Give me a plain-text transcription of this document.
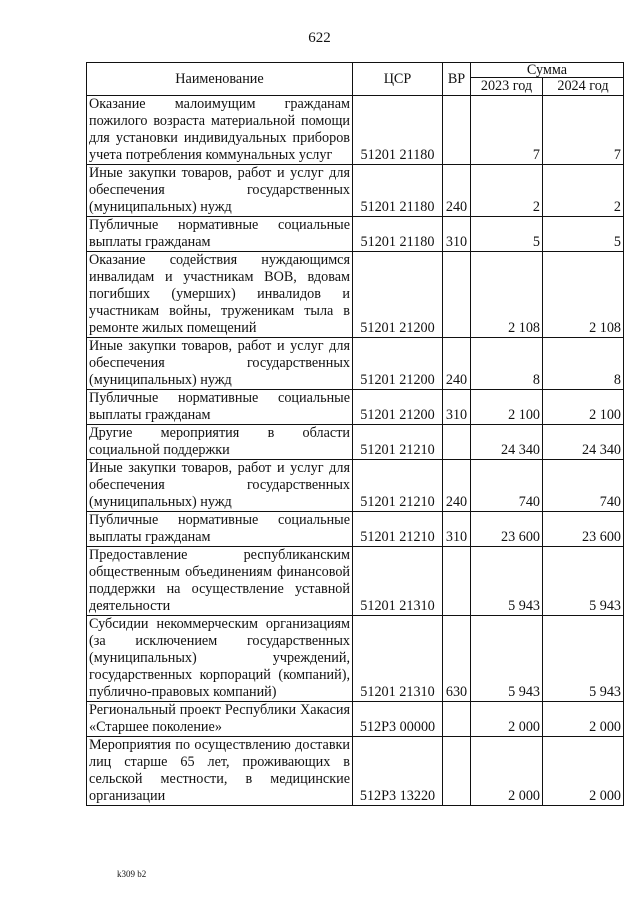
622
Наименование	ЦСР	ВР	Сумма	
			2023 год	2024 год
Оказание малоимущим гражданам пожилого возраста материальной помощи для установки индивидуальных приборов учета потребления коммунальных услуг	51201 21180		7	7
Иные закупки товаров, работ и услуг для обеспечения государственных (муниципальных) нужд	51201 21180	240	2	2
Публичные нормативные социальные выплаты гражданам	51201 21180	310	5	5
Оказание содействия нуждающимся инвалидам и участникам ВОВ, вдовам погибших (умерших) инвалидов и участникам войны, труженикам тыла в ремонте жилых помещений	51201 21200		2 108	2 108
Иные закупки товаров, работ и услуг для обеспечения государственных (муниципальных) нужд	51201 21200	240	8	8
Публичные нормативные социальные выплаты гражданам	51201 21200	310	2 100	2 100
Другие мероприятия в области социальной поддержки	51201 21210		24 340	24 340
Иные закупки товаров, работ и услуг для обеспечения государственных (муниципальных) нужд	51201 21210	240	740	740
Публичные нормативные социальные выплаты гражданам	51201 21210	310	23 600	23 600
Предоставление республиканским общественным объединениям финансовой поддержки на осуществление уставной деятельности	51201 21310		5 943	5 943
Субсидии некоммерческим организациям (за исключением государственных (муниципальных) учреждений, государственных корпораций (компаний), публично-правовых компаний)	51201 21310	630	5 943	5 943
Региональный проект Республики Хакасия «Старшее поколение»	512Р3 00000		2 000	2 000
Мероприятия по осуществлению доставки лиц старше 65 лет, проживающих в сельской местности, в медицинские организации	512Р3 13220		2 000	2 000
k309 b2
